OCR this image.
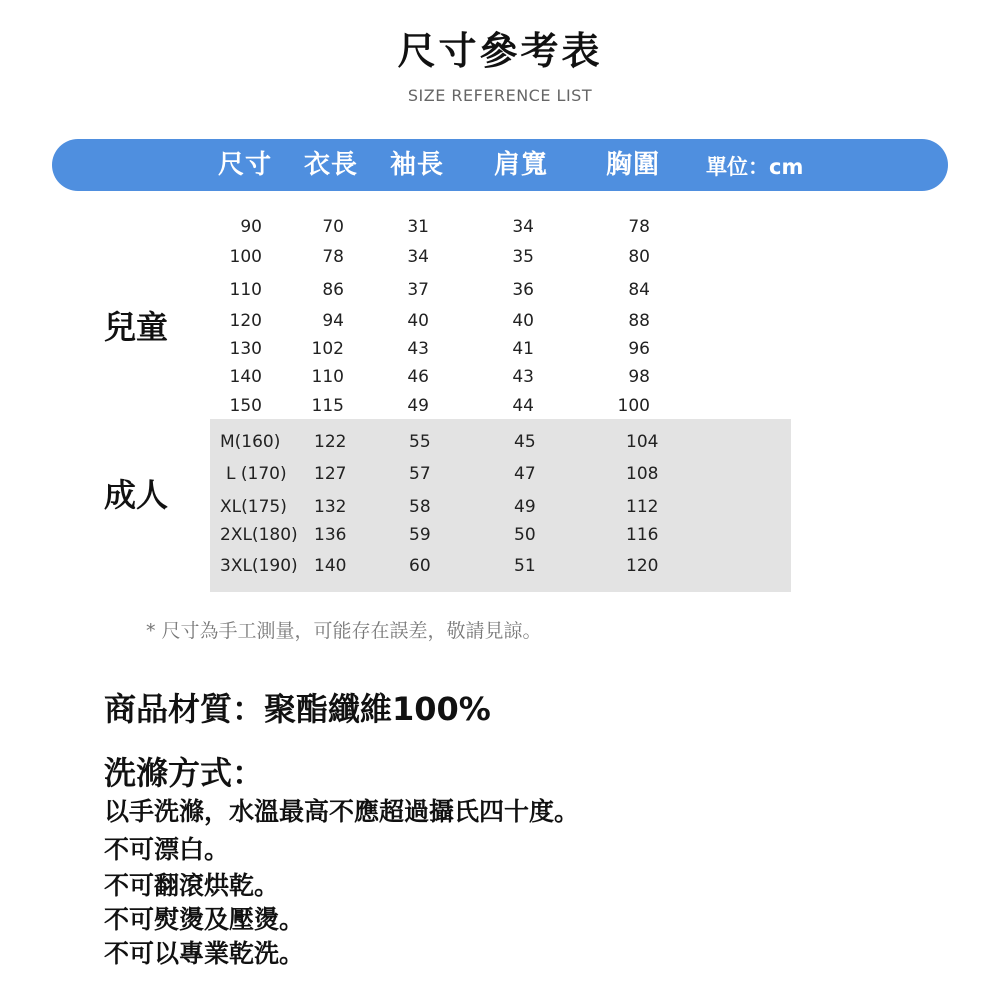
尺寸參考表
SIZE REFERENCE LIST
尺寸 衣長 袖長 肩寬 胸圍 單位：cm
兒童
成人
90	70	31	34	78
100	78	34	35	80
110	86	37	36	84
120	94	40	40	88
130	102	43	41	96
140	110	46	43	98
150	115	49	44	100
M(160) 122	55	45	104
L (170) 127	57	47	108
XL(175) 132	58	49	112
2XL(180) 136	59	50	116
3XL(190) 140	60	51	120
* 尺寸為手工測量，可能存在誤差，敬請見諒。
商品材質：聚酯纖維100%
洗滌方式：
以手洗滌，水溫最高不應超過攝氏四十度。
不可漂白。
不可翻滾烘乾。
不可熨燙及壓燙。
不可以專業乾洗。
